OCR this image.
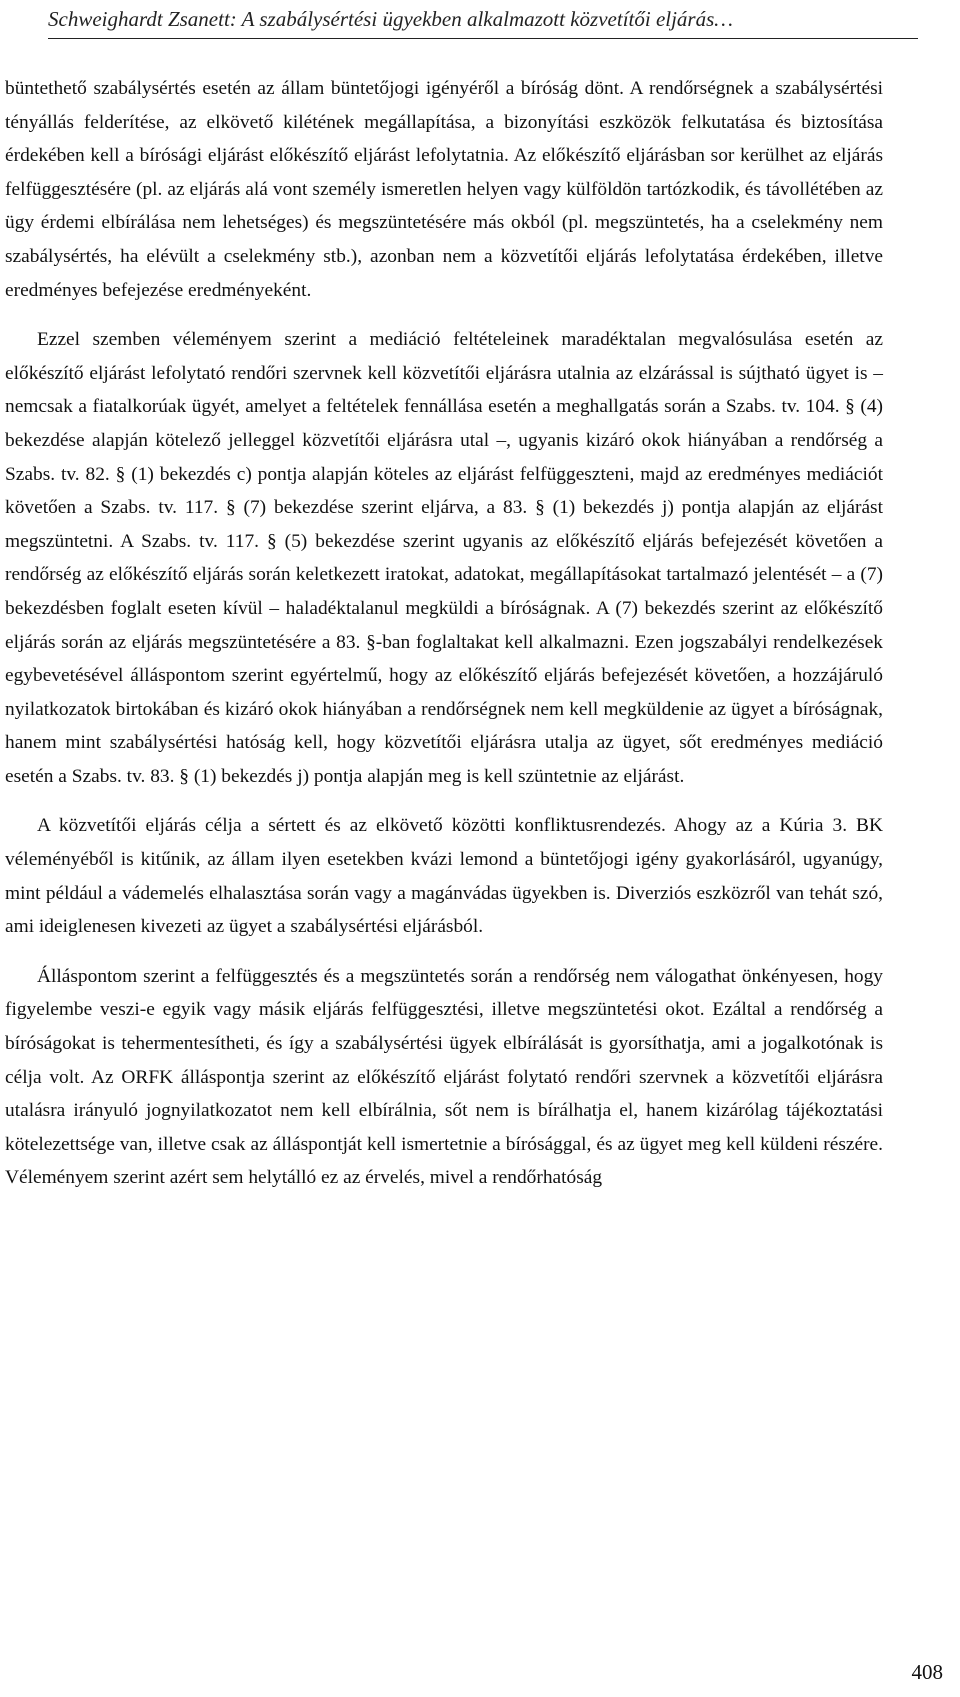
Schweighardt Zsanett: A szabálysértési ügyekben alkalmazott közvetítői eljárás…

büntethető szabálysértés esetén az állam büntetőjogi igényéről a bíróság dönt. A rendőrségnek a szabálysértési tényállás felderítése, az elkövető kilétének megállapítása, a bizonyítási eszközök felkutatása és biztosítása érdekében kell a bírósági eljárást előkészítő eljárást lefolytatnia. Az előkészítő eljárásban sor kerülhet az eljárás felfüggesztésére (pl. az eljárás alá vont személy ismeretlen helyen vagy külföldön tartózkodik, és távollétében az ügy érdemi elbírálása nem lehetséges) és megszüntetésére más okból (pl. megszüntetés, ha a cselekmény nem szabálysértés, ha elévült a cselekmény stb.), azonban nem a közvetítői eljárás lefolytatása érdekében, illetve eredményes befejezése eredményeként.

Ezzel szemben véleményem szerint a mediáció feltételeinek maradéktalan megvalósulása esetén az előkészítő eljárást lefolytató rendőri szervnek kell közvetítői eljárásra utalnia az elzárással is sújtható ügyet is – nemcsak a fiatalkorúak ügyét, amelyet a feltételek fennállása esetén a meghallgatás során a Szabs. tv. 104. § (4) bekezdése alapján kötelező jelleggel közvetítői eljárásra utal –, ugyanis kizáró okok hiányában a rendőrség a Szabs. tv. 82. § (1) bekezdés c) pontja alapján köteles az eljárást felfüggeszteni, majd az eredményes mediációt követően a Szabs. tv. 117. § (7) bekezdése szerint eljárva, a 83. § (1) bekezdés j) pontja alapján az eljárást megszüntetni. A Szabs. tv. 117. § (5) bekezdése szerint ugyanis az előkészítő eljárás befejezését követően a rendőrség az előkészítő eljárás során keletkezett iratokat, adatokat, megállapításokat tartalmazó jelentését – a (7) bekezdésben foglalt eseten kívül – haladéktalanul megküldi a bíróságnak. A (7) bekezdés szerint az előkészítő eljárás során az eljárás megszüntetésére a 83. §-ban foglaltakat kell alkalmazni. Ezen jogszabályi rendelkezések egybevetésével álláspontom szerint egyértelmű, hogy az előkészítő eljárás befejezését követően, a hozzájáruló nyilatkozatok birtokában és kizáró okok hiányában a rendőrségnek nem kell megküldenie az ügyet a bíróságnak, hanem mint szabálysértési hatóság kell, hogy közvetítői eljárásra utalja az ügyet, sőt eredményes mediáció esetén a Szabs. tv. 83. § (1) bekezdés j) pontja alapján meg is kell szüntetnie az eljárást.

A közvetítői eljárás célja a sértett és az elkövető közötti konfliktusrendezés. Ahogy az a Kúria 3. BK véleményéből is kitűnik, az állam ilyen esetekben kvázi lemond a büntetőjogi igény gyakorlásáról, ugyanúgy, mint például a vádemelés elhalasztása során vagy a magánvádas ügyekben is. Diverziós eszközről van tehát szó, ami ideiglenesen kivezeti az ügyet a szabálysértési eljárásból.

Álláspontom szerint a felfüggesztés és a megszüntetés során a rendőrség nem válogathat önkényesen, hogy figyelembe veszi-e egyik vagy másik eljárás felfüggesztési, illetve megszüntetési okot. Ezáltal a rendőrség a bíróságokat is tehermentesítheti, és így a szabálysértési ügyek elbírálását is gyorsíthatja, ami a jogalkotónak is célja volt. Az ORFK álláspontja szerint az előkészítő eljárást folytató rendőri szervnek a közvetítői eljárásra utalásra irányuló jognyilatkozatot nem kell elbírálnia, sőt nem is bírálhatja el, hanem kizárólag tájékoztatási kötelezettsége van, illetve csak az álláspontját kell ismertetnie a bírósággal, és az ügyet meg kell küldeni részére. Véleményem szerint azért sem helytálló ez az érvelés, mivel a rendőrhatóság

408
